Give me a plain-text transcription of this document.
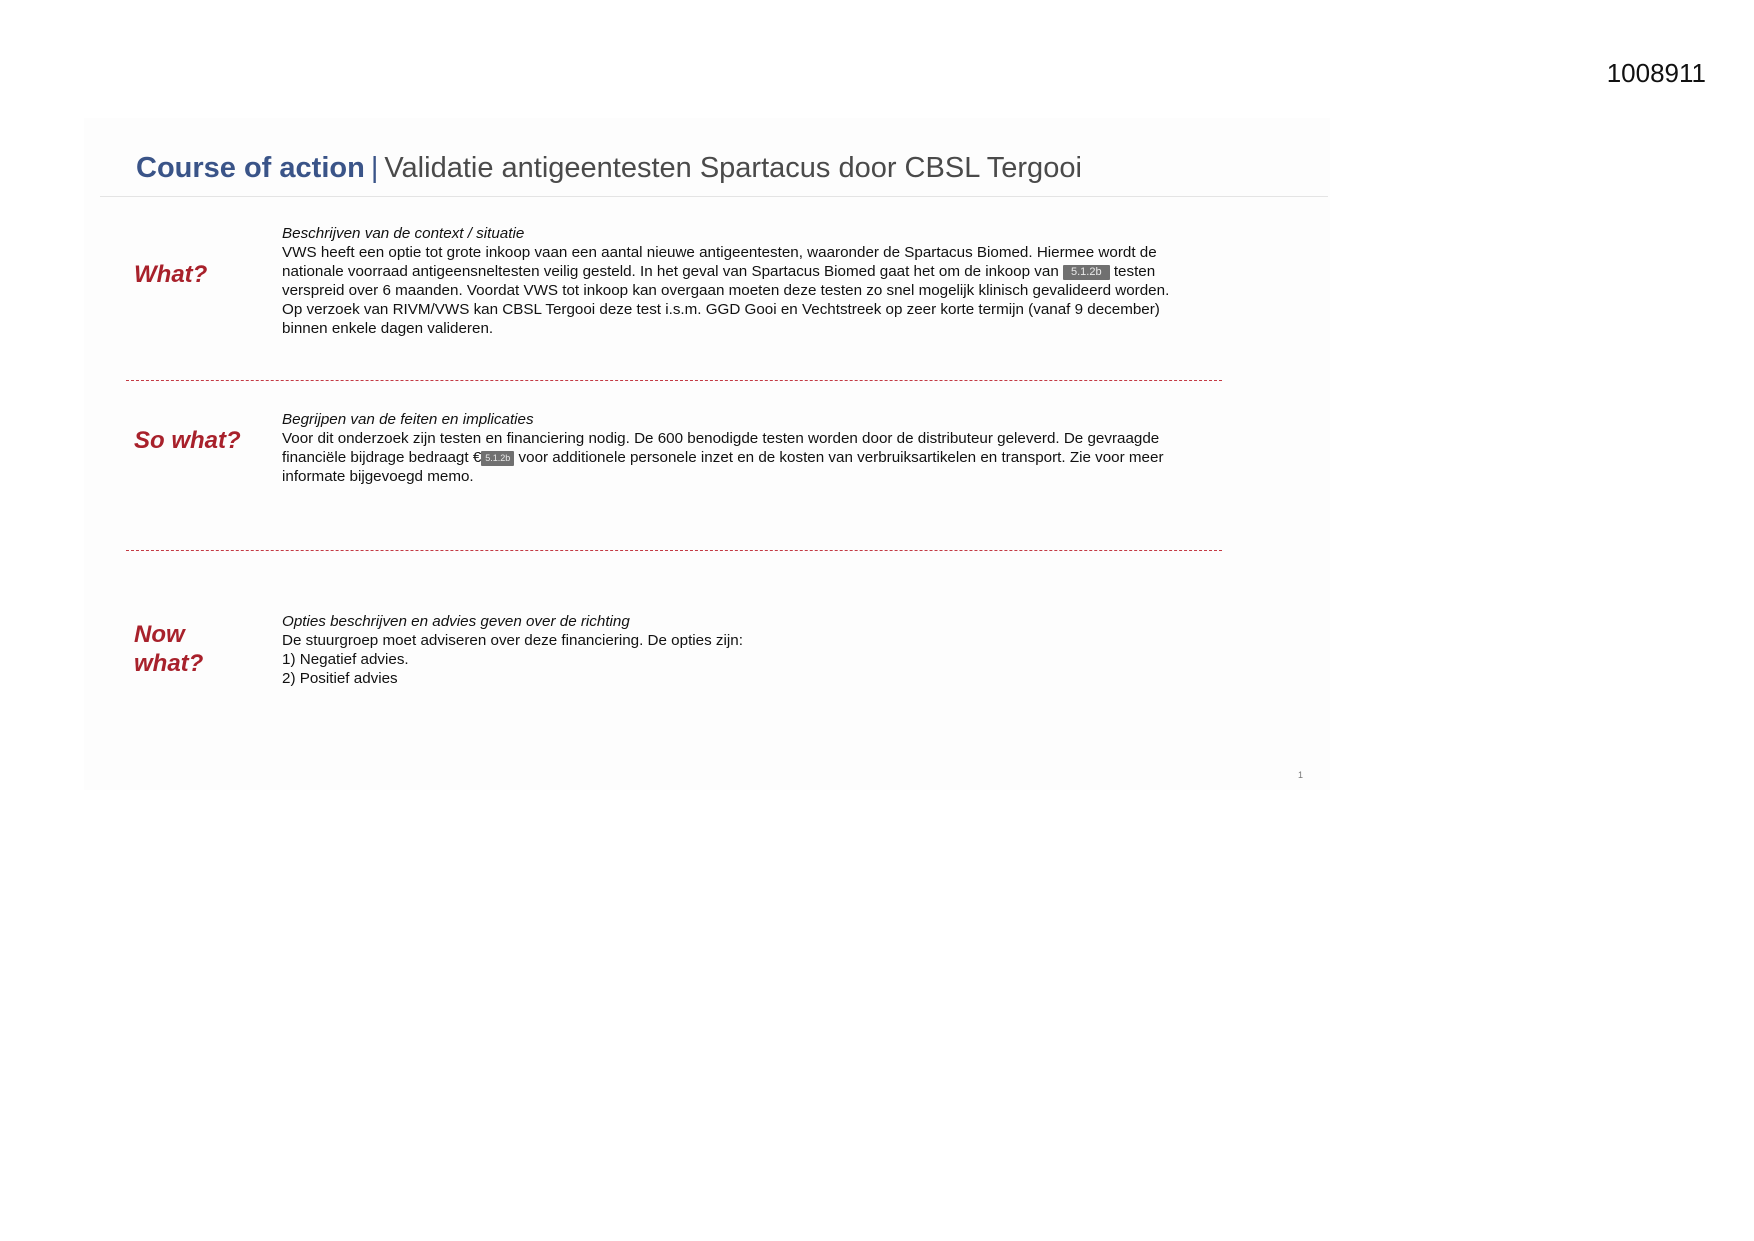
1008911
Course of action | Validatie antigeentesten Spartacus door CBSL Tergooi
What?
Beschrijven van de context / situatie
VWS heeft een optie tot grote inkoop vaan een aantal nieuwe antigeentesten, waaronder de Spartacus Biomed. Hiermee wordt de
nationale voorraad antigeensneltesten veilig gesteld. In het geval van Spartacus Biomed gaat het om de inkoop van 5.1.2b testen
verspreid over 6 maanden. Voordat VWS tot inkoop kan overgaan moeten deze testen zo snel mogelijk klinisch gevalideerd worden.
Op verzoek van RIVM/VWS kan CBSL Tergooi deze test i.s.m. GGD Gooi en Vechtstreek op zeer korte termijn (vanaf 9 december)
binnen enkele dagen valideren.
So what?
Begrijpen van de feiten en implicaties
Voor dit onderzoek zijn testen en financiering nodig. De 600 benodigde testen worden door de distributeur geleverd. De gevraagde
financiële bijdrage bedraagt € 5.1.2b voor additionele personele inzet en de kosten van verbruiksartikelen en transport. Zie voor meer
informate bijgevoegd memo.
Now
what?
Opties beschrijven en advies geven over de richting
De stuurgroep moet adviseren over deze financiering. De opties zijn:
1) Negatief advies.
2) Positief advies
1
